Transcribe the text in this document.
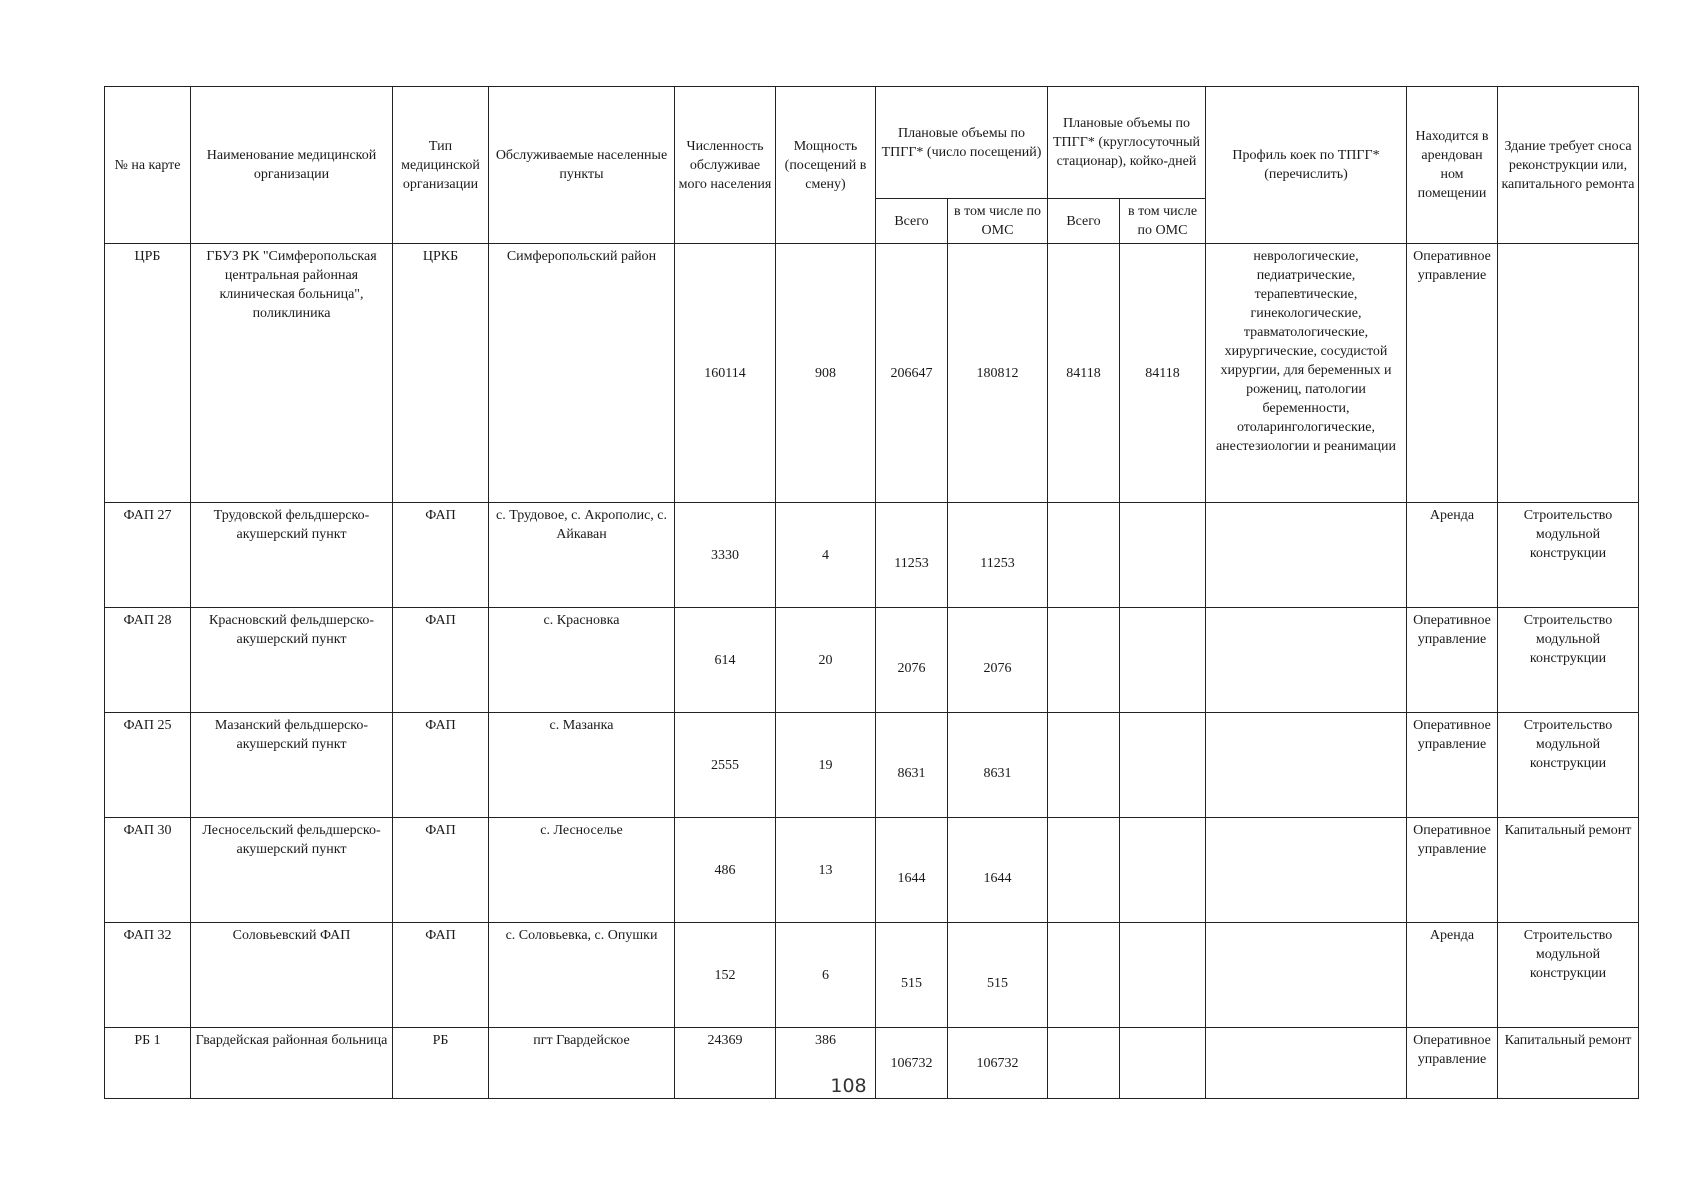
№ на карте	Наименование медицинской организации	Тип медицинской организации	Обслуживаемые населенные пункты	Численность обслуживае мого населения	Мощность (посещений в смену)	Плановые объемы по ТПГГ* (число посещений)		Плановые объемы по ТПГГ* (круглосуточный стационар), койко-дней		Профиль коек по ТПГГ* (перечислить)	Находится в арендован ном помещении	Здание требует сноса реконструкции или, капитального ремонта
						Всего	в том числе по ОМС	Всего	в том числе по ОМС			
ЦРБ	ГБУЗ РК "Симферопольская центральная районная клиническая больница", поликлиника	ЦРКБ	Симферопольский район	160114	908	206647	180812	84118	84118	неврологические, педиатрические, терапевтические, гинекологические, травматологические, хирургические, сосудистой хирургии, для беременных и рожениц, патологии беременности, отоларингологические, анестезиологии и реанимации	Оперативное управление	
ФАП 27	Трудовской фельдшерско-акушерский пункт	ФАП	с. Трудовое, с. Акрополис, с. Айкаван	3330	4	11253	11253				Аренда	Строительство модульной конструкции
ФАП 28	Красновский фельдшерско-акушерский пункт	ФАП	с. Красновка	614	20	2076	2076				Оперативное управление	Строительство модульной конструкции
ФАП 25	Мазанский фельдшерско-акушерский пункт	ФАП	с. Мазанка	2555	19	8631	8631				Оперативное управление	Строительство модульной конструкции
ФАП 30	Лесносельский фельдшерско-акушерский пункт	ФАП	с. Лесноселье	486	13	1644	1644				Оперативное управление	Капитальный ремонт
ФАП 32	Соловьевский ФАП	ФАП	с. Соловьевка, с. Опушки	152	6	515	515				Аренда	Строительство модульной конструкции
РБ 1	Гвардейская районная больница	РБ	пгт Гвардейское	24369	386	106732	106732				Оперативное управление	Капитальный ремонт
108
